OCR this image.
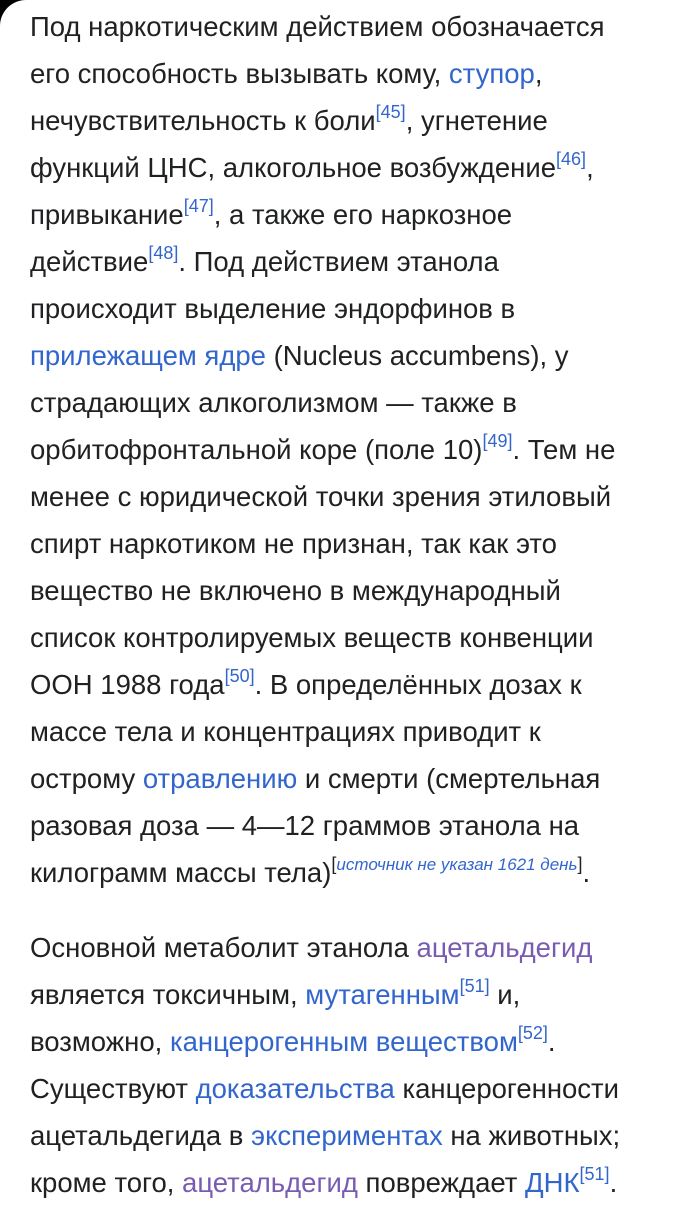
Под наркотическим действием обозначается
его способность вызывать кому, ступор,
нечувствительность к боли[45], угнетение
функций ЦНС, алкогольное возбуждение[46],
привыкание[47], а также его наркозное
действие[48]. Под действием этанола
происходит выделение эндорфинов в
прилежащем ядре (Nucleus accumbens), у
страдающих алкоголизмом — также в
орбитофронтальной коре (поле 10)[49]. Тем не
менее с юридической точки зрения этиловый
спирт наркотиком не признан, так как это
вещество не включено в международный
список контролируемых веществ конвенции
ООН 1988 года[50]. В определённых дозах к
массе тела и концентрациях приводит к
острому отравлению и смерти (смертельная
разовая доза — 4—12 граммов этанола на
килограмм массы тела)[источник не указан 1621 день].

Основной метаболит этанола ацетальдегид
является токсичным, мутагенным[51] и,
возможно, канцерогенным веществом[52].
Существуют доказательства канцерогенности
ацетальдегида в экспериментах на животных;
кроме того, ацетальдегид повреждает ДНК[51].
